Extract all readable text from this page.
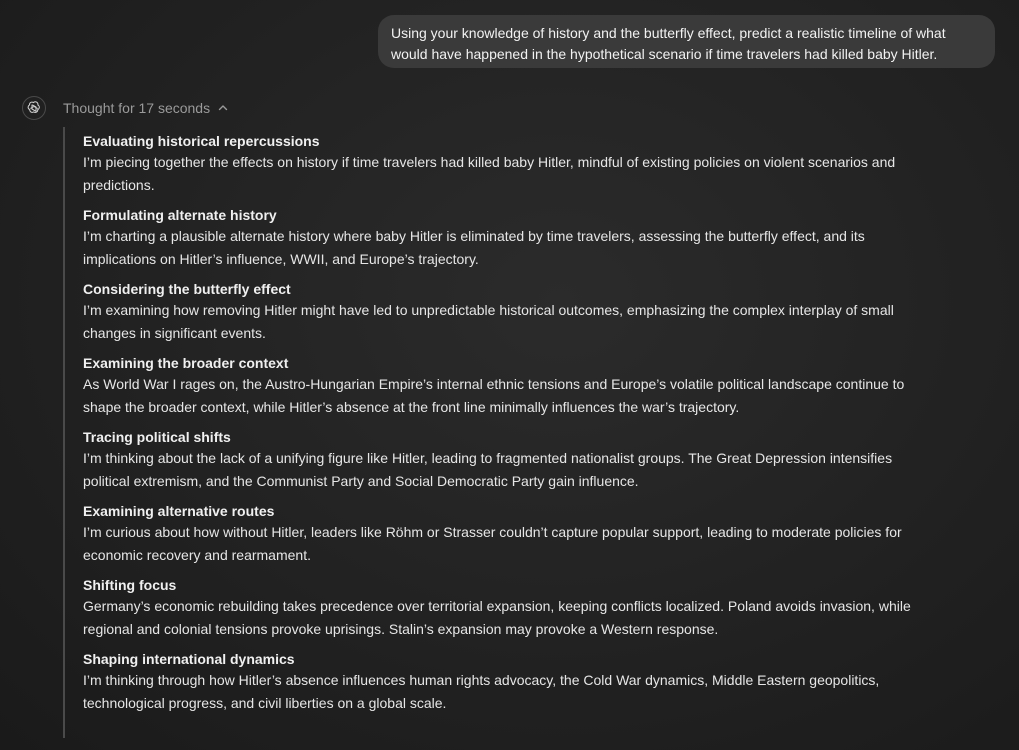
Using your knowledge of history and the butterfly effect, predict a realistic timeline of what would have happened in the hypothetical scenario if time travelers had killed baby Hitler.
Thought for 17 seconds
Evaluating historical repercussions
I’m piecing together the effects on history if time travelers had killed baby Hitler, mindful of existing policies on violent scenarios and predictions.
Formulating alternate history
I’m charting a plausible alternate history where baby Hitler is eliminated by time travelers, assessing the butterfly effect, and its implications on Hitler’s influence, WWII, and Europe’s trajectory.
Considering the butterfly effect
I’m examining how removing Hitler might have led to unpredictable historical outcomes, emphasizing the complex interplay of small changes in significant events.
Examining the broader context
As World War I rages on, the Austro-Hungarian Empire’s internal ethnic tensions and Europe’s volatile political landscape continue to shape the broader context, while Hitler’s absence at the front line minimally influences the war’s trajectory.
Tracing political shifts
I’m thinking about the lack of a unifying figure like Hitler, leading to fragmented nationalist groups. The Great Depression intensifies political extremism, and the Communist Party and Social Democratic Party gain influence.
Examining alternative routes
I’m curious about how without Hitler, leaders like Röhm or Strasser couldn’t capture popular support, leading to moderate policies for economic recovery and rearmament.
Shifting focus
Germany’s economic rebuilding takes precedence over territorial expansion, keeping conflicts localized. Poland avoids invasion, while regional and colonial tensions provoke uprisings. Stalin’s expansion may provoke a Western response.
Shaping international dynamics
I’m thinking through how Hitler’s absence influences human rights advocacy, the Cold War dynamics, Middle Eastern geopolitics, technological progress, and civil liberties on a global scale.
